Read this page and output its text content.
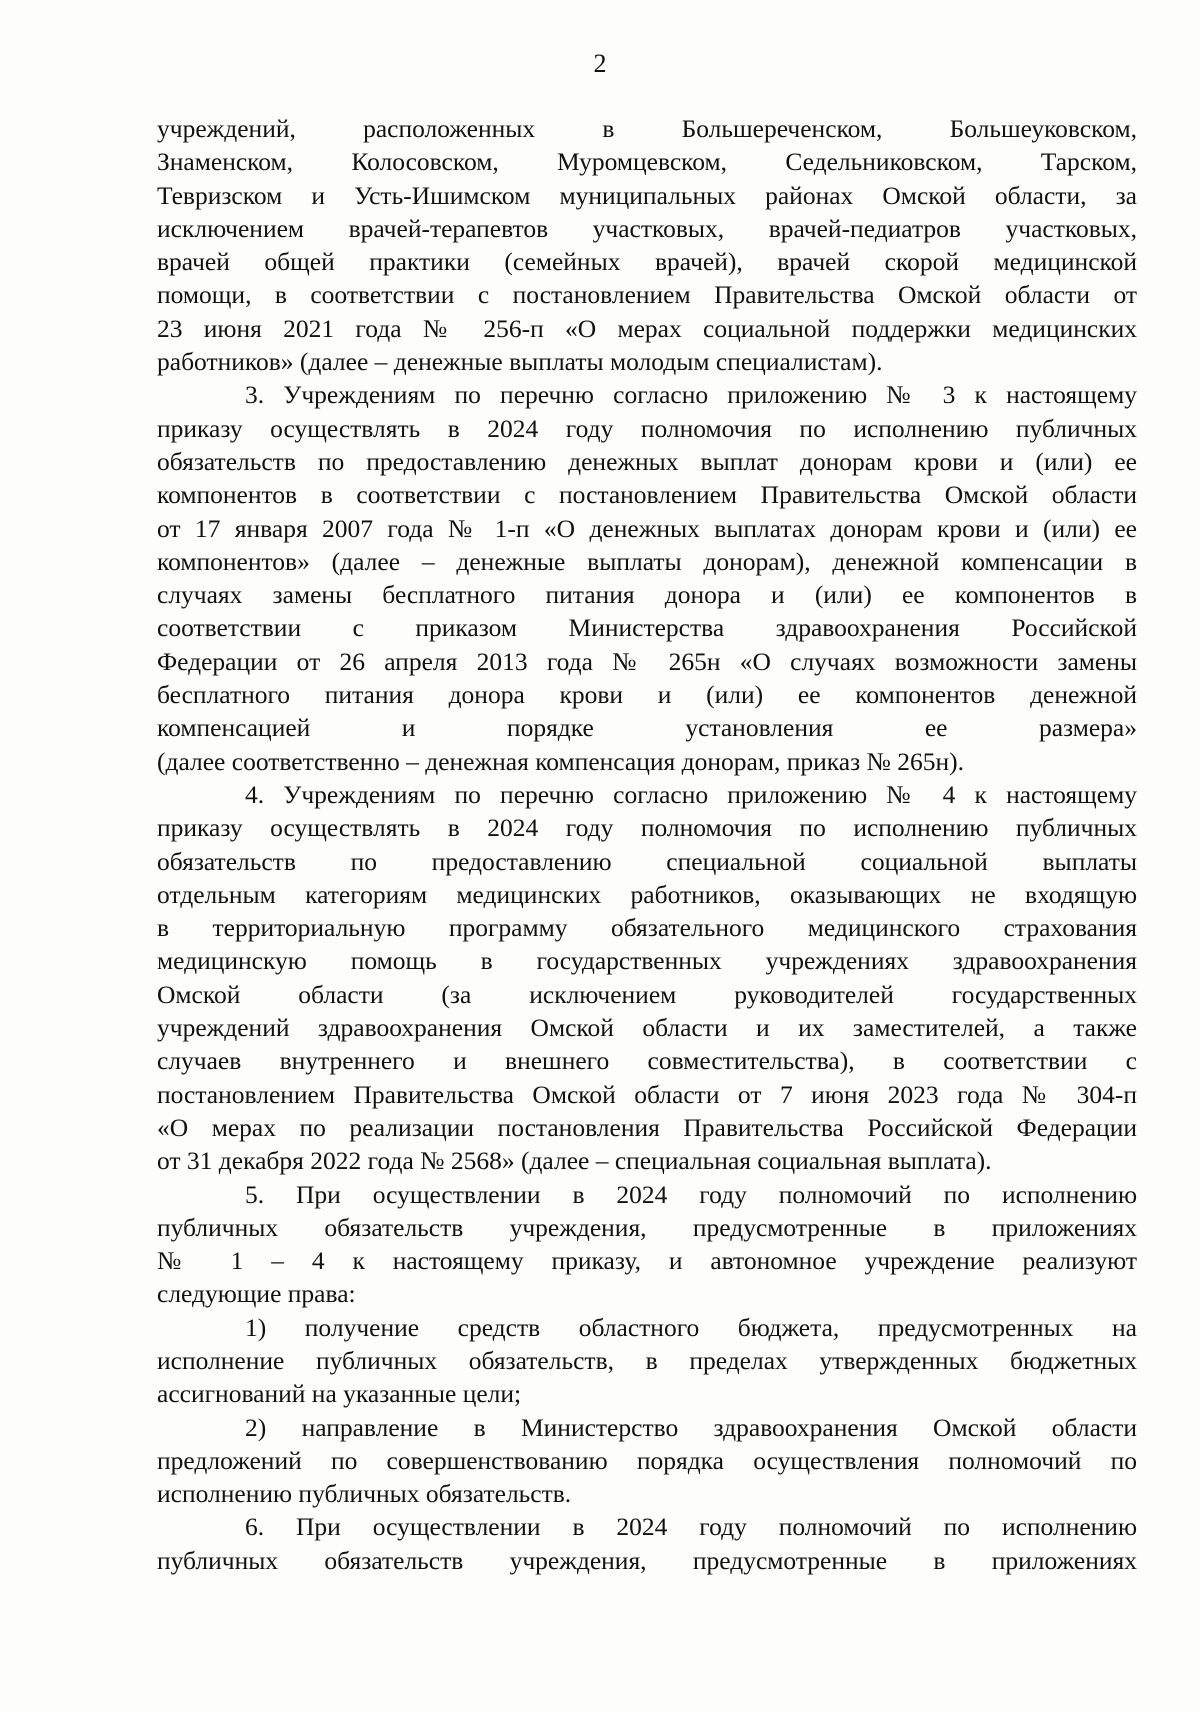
2
учреждений, расположенных в Большереченском, Большеуковском,
Знаменском, Колосовском, Муромцевском, Седельниковском, Тарском,
Тевризском и Усть-Ишимском муниципальных районах Омской области, за
исключением врачей-терапевтов участковых, врачей-педиатров участковых,
врачей общей практики (семейных врачей), врачей скорой медицинской
помощи, в соответствии с постановлением Правительства Омской области от
23 июня 2021 года № 256-п «О мерах социальной поддержки медицинских
работников» (далее – денежные выплаты молодым специалистам).
3. Учреждениям по перечню согласно приложению № 3 к настоящему
приказу осуществлять в 2024 году полномочия по исполнению публичных
обязательств по предоставлению денежных выплат донорам крови и (или) ее
компонентов в соответствии с постановлением Правительства Омской области
от 17 января 2007 года № 1-п «О денежных выплатах донорам крови и (или) ее
компонентов» (далее – денежные выплаты донорам), денежной компенсации в
случаях замены бесплатного питания донора и (или) ее компонентов в
соответствии с приказом Министерства здравоохранения Российской
Федерации от 26 апреля 2013 года № 265н «О случаях возможности замены
бесплатного питания донора крови и (или) ее компонентов денежной
компенсацией и порядке установления ее размера»
(далее соответственно – денежная компенсация донорам, приказ № 265н).
4. Учреждениям по перечню согласно приложению № 4 к настоящему
приказу осуществлять в 2024 году полномочия по исполнению публичных
обязательств по предоставлению специальной социальной выплаты
отдельным категориям медицинских работников, оказывающих не входящую
в территориальную программу обязательного медицинского страхования
медицинскую помощь в государственных учреждениях здравоохранения
Омской области (за исключением руководителей государственных
учреждений здравоохранения Омской области и их заместителей, а также
случаев внутреннего и внешнего совместительства), в соответствии с
постановлением Правительства Омской области от 7 июня 2023 года № 304-п
«О мерах по реализации постановления Правительства Российской Федерации
от 31 декабря 2022 года № 2568» (далее – специальная социальная выплата).
5. При осуществлении в 2024 году полномочий по исполнению
публичных обязательств учреждения, предусмотренные в приложениях
№ 1 – 4 к настоящему приказу, и автономное учреждение реализуют
следующие права:
1) получение средств областного бюджета, предусмотренных на
исполнение публичных обязательств, в пределах утвержденных бюджетных
ассигнований на указанные цели;
2) направление в Министерство здравоохранения Омской области
предложений по совершенствованию порядка осуществления полномочий по
исполнению публичных обязательств.
6. При осуществлении в 2024 году полномочий по исполнению
публичных обязательств учреждения, предусмотренные в приложениях
